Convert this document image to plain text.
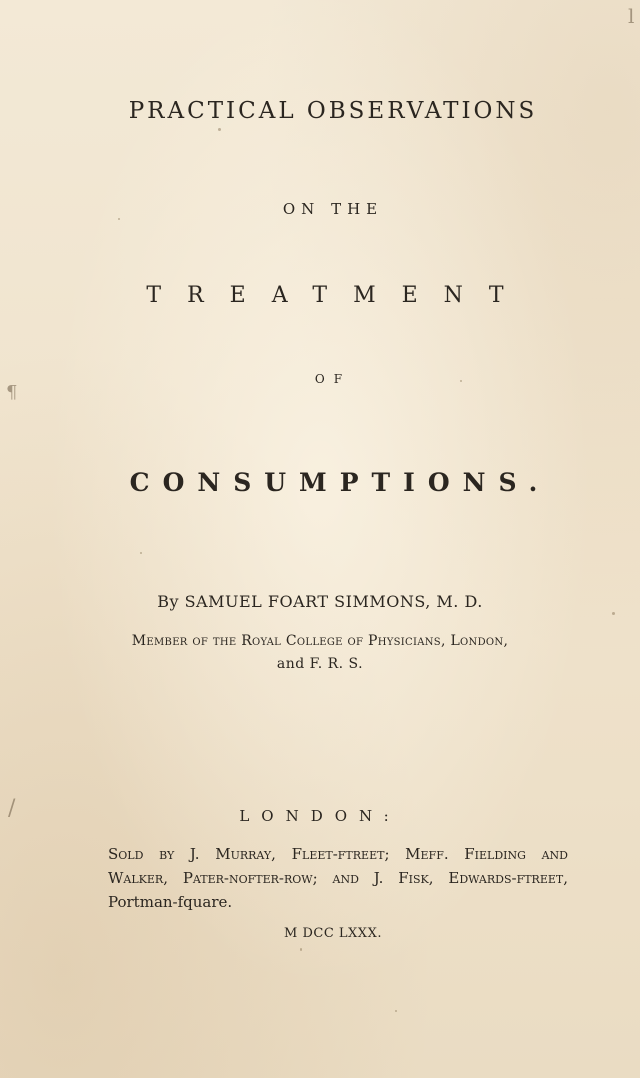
PRACTICAL OBSERVATIONS
ON THE
TREATMENT
OF
CONSUMPTIONS.
By SAMUEL FOART SIMMONS, M. D.
Member of the Royal College of Physicians, London,
and F. R. S.
LONDON:
Sold by J. Murray, Fleet-ftreet; Meff. Fielding and
Walker, Pater-nofter-row; and J. Fisk, Edwards-ftreet,
Portman-fquare.
M DCC LXXX.
¶
/
l
